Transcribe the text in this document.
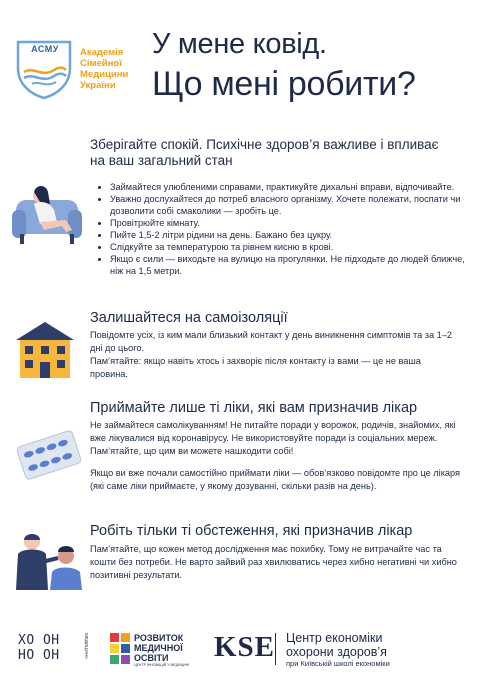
АСМУ	Академія
Сімейної
Медицини
України
У мене ковід.
Що мені робити?
Зберігайте спокій. Психічне здоров’я важливе і впливає
на ваш загальний стан
• Займайтеся улюбленими справами, практикуйте дихальні вправи, відпочивайте.
• Уважно дослухайтеся до потреб власного організму. Хочете полежати, поспати чи дозволити собі смаколики — зробіть це.
• Провітрюйте кімнату.
• Пийте 1,5-2 літри рідини на день. Бажано без цукру.
• Слідкуйте за температурою та рівнем кисню в крові.
• Якщо є сили — виходьте на вулицю на прогулянки. Не підходьте до людей ближче, ніж на 1,5 метри.
Залишайтеся на самоізоляції
Повідомте усіх, із ким мали близький контакт у день виникнення симптомів та за 1–2 дні до цього.
Пам’ятайте: якщо навіть хтось і захворіє після контакту із вами — це не ваша провина.
Приймайте лише ті ліки, які вам призначив лікар
Не займайтеся самолікуванням! Не питайте поради у ворожок, родичів, знайомих, які вже лікувалися від коронавірусу. Не використовуйте поради із соціальних мереж.
Пам’ятайте, що цим ви можете нашкодити собі!
Якщо ви вже почали самостійно приймати ліки — обов’язково повідомте про це лікаря (які саме ліки приймаєте, у якому дозуванні, скільки разів на день).
Робіть тільки ті обстеження, які призначив лікар
Пам’ятайте, що кожен метод дослідження має похибку. Тому не витрачайте час та кошти без потреби. Не варто зайвий раз хвилюватись через хибно негативні чи хибно позитивні результати.
ХО ОН
НО ОН	МЕДИЦИНА	РОЗВИТОК
МЕДИЧНОЇ
ОСВІТИ
ЦЕНТР ІННОВАЦІЙ У МЕДИЦИНІ
KSE Центр економіки
охорони здоров’я
при Київській школі економіки
